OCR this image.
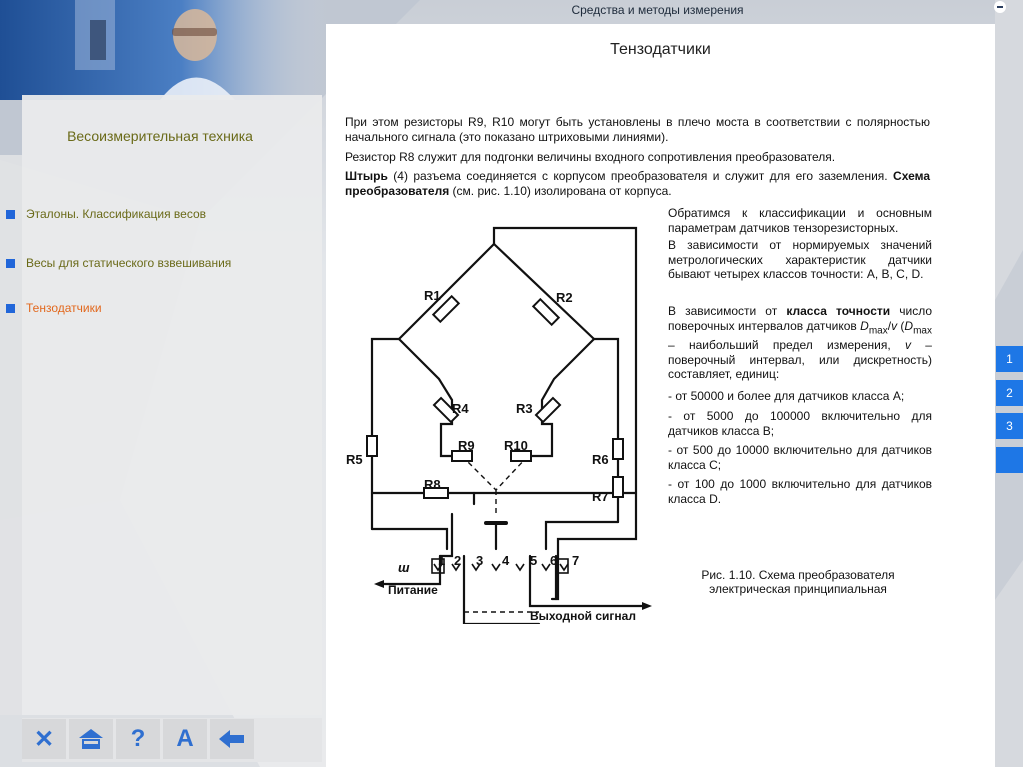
Средства и методы измерения
Весоизмерительная техника
Эталоны. Классификация весов
Весы для статического взвешивания
Тензодатчики
✕	? A
Тензодатчики
При этом резисторы R9, R10 могут быть установлены в плечо моста в соответствии с полярностью начального сигнала (это показано штриховыми линиями).
Резистор R8 служит для подгонки величины входного сопротивления преобразователя.
Штырь (4) разъема соединяется с корпусом преобразователя и служит для его заземления. Схема преобразователя (см. рис. 1.10) изолирована от корпуса.
Обратимся к классификации и основным параметрам датчиков тензорезисторных.
В зависимости от нормируемых значений метрологических характеристик датчики бывают четырех классов точности: А, В, С, D.
В зависимости от класса точности число поверочных интервалов датчиков $D_{max}/v$ ($D_{max}$ – наибольший предел измерения, v – поверочный интервал, или дискретность) составляет, единиц:
- от 50000 и более для датчиков класса А;
- от 5000 до 100000 включительно для датчиков класса В;
- от 500 до 10000 включительно для датчиков класса С;
- от 100 до 1000 включительно для датчиков класса D.
R1	R2
R3
R4
R5	R6
R7
R8
R9 R10
ш 1 2 3 4 5 6 7
Питание
Выходной сигнал
Рис. 1.10. Схема преобразователя
электрическая принципиальная
1
2
3
